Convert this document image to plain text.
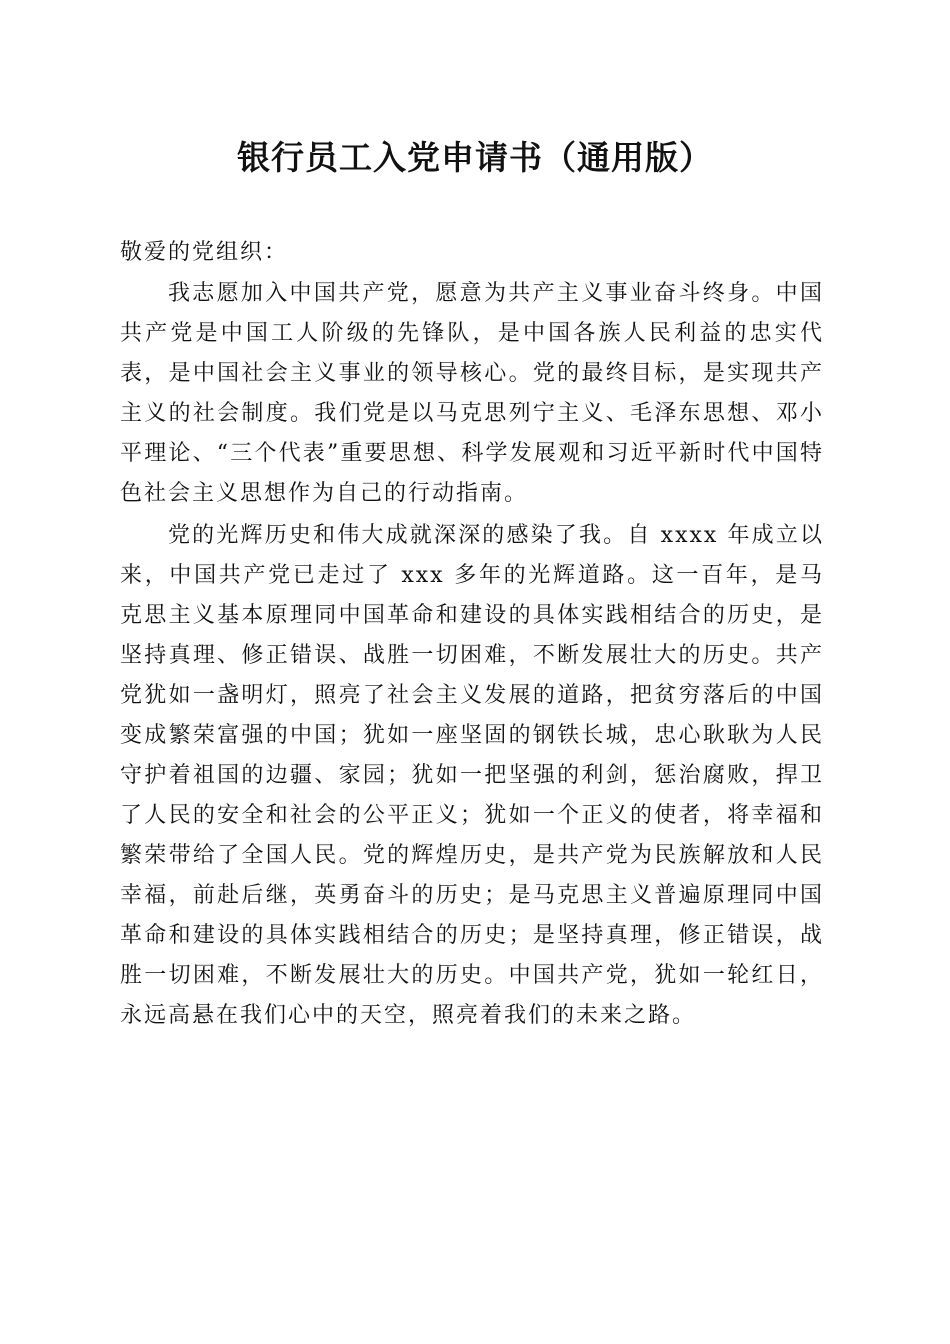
银行员工入党申请书（通用版）

敬爱的党组织：

我志愿加入中国共产党，愿意为共产主义事业奋斗终身。中国共产党是中国工人阶级的先锋队，是中国各族人民利益的忠实代表，是中国社会主义事业的领导核心。党的最终目标，是实现共产主义的社会制度。我们党是以马克思列宁主义、毛泽东思想、邓小平理论、“三个代表”重要思想、科学发展观和习近平新时代中国特色社会主义思想作为自己的行动指南。

党的光辉历史和伟大成就深深的感染了我。自 xxxx 年成立以来，中国共产党已走过了 xxx 多年的光辉道路。这一百年，是马克思主义基本原理同中国革命和建设的具体实践相结合的历史，是坚持真理、修正错误、战胜一切困难，不断发展壮大的历史。共产党犹如一盏明灯，照亮了社会主义发展的道路，把贫穷落后的中国变成繁荣富强的中国；犹如一座坚固的钢铁长城，忠心耿耿为人民守护着祖国的边疆、家园；犹如一把坚强的利剑，惩治腐败，捍卫了人民的安全和社会的公平正义；犹如一个正义的使者，将幸福和繁荣带给了全国人民。党的辉煌历史，是共产党为民族解放和人民幸福，前赴后继，英勇奋斗的历史；是马克思主义普遍原理同中国革命和建设的具体实践相结合的历史；是坚持真理，修正错误，战胜一切困难，不断发展壮大的历史。中国共产党，犹如一轮红日，永远高悬在我们心中的天空，照亮着我们的未来之路。
